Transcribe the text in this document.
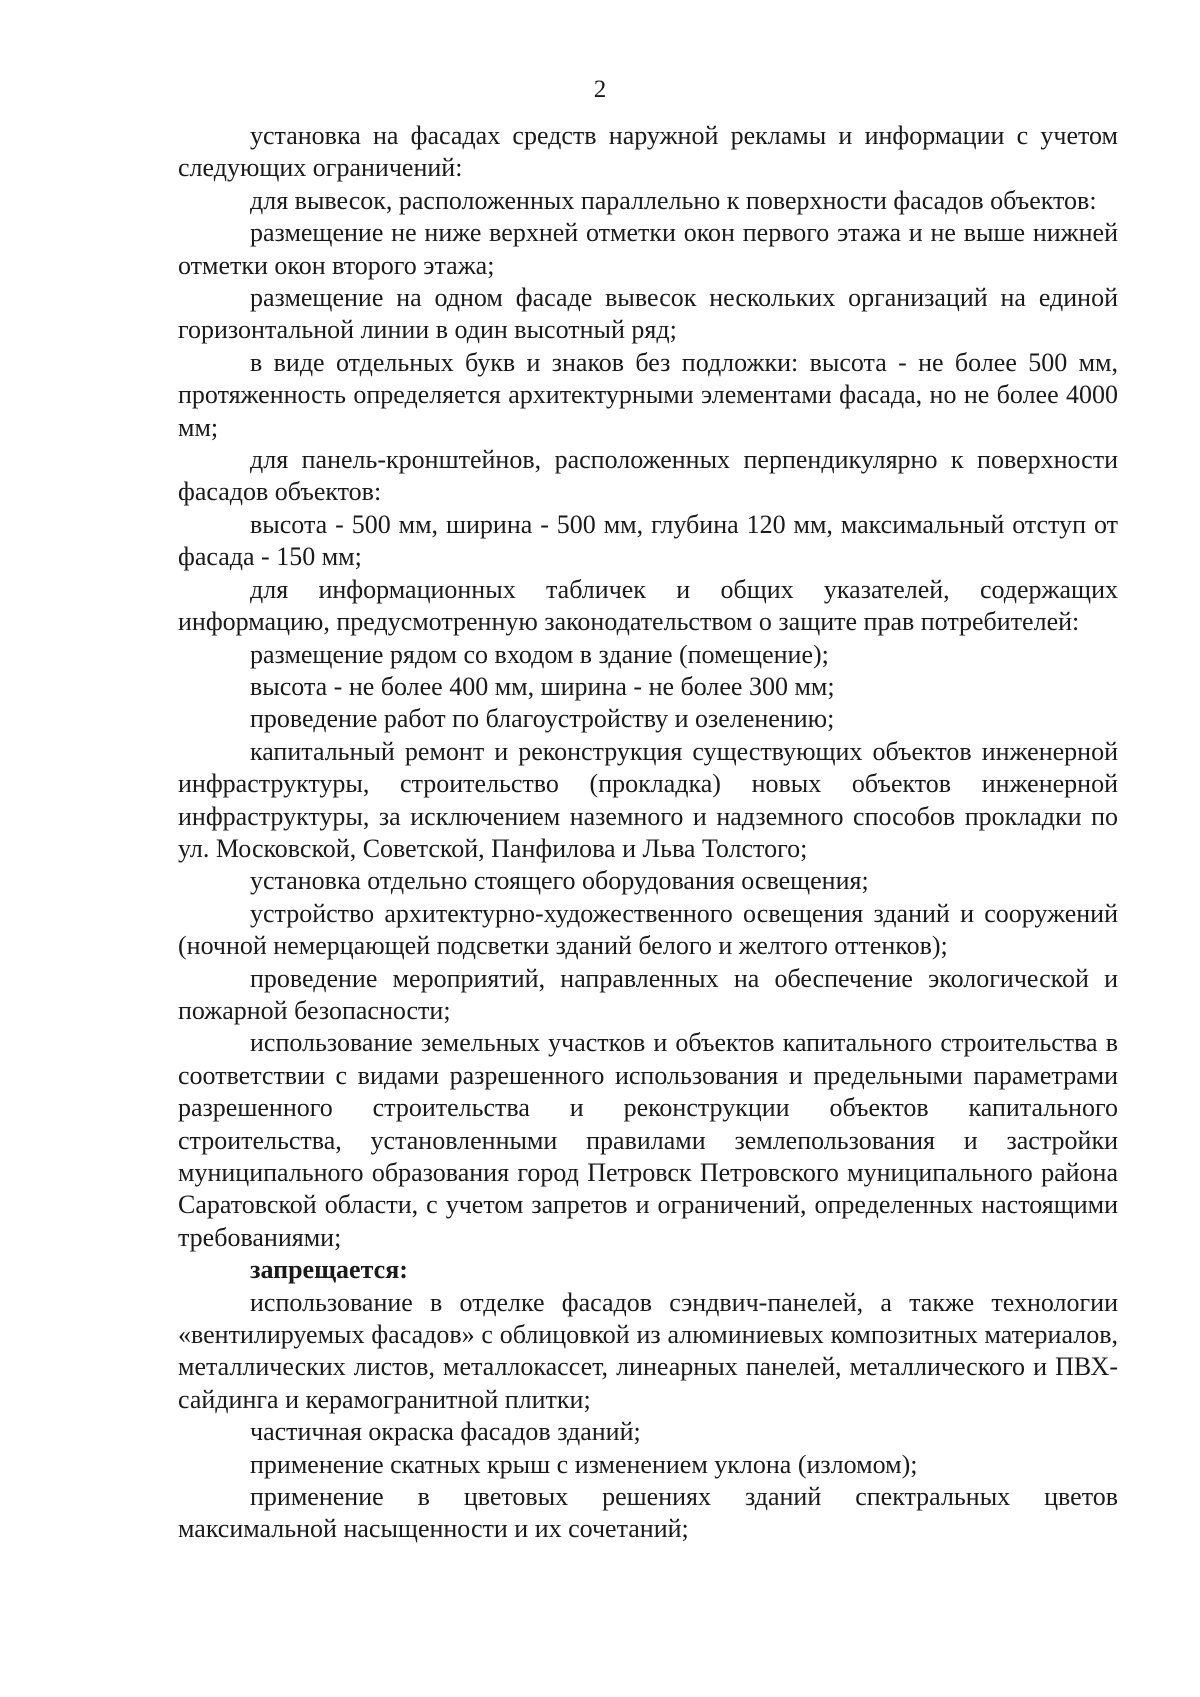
2

установка на фасадах средств наружной рекламы и информации с учетом следующих ограничений:

для вывесок, расположенных параллельно к поверхности фасадов объектов:

размещение не ниже верхней отметки окон первого этажа и не выше нижней отметки окон второго этажа;

размещение на одном фасаде вывесок нескольких организаций на единой горизонтальной линии в один высотный ряд;

в виде отдельных букв и знаков без подложки: высота - не более 500 мм, протяженность определяется архитектурными элементами фасада, но не более 4000 мм;

для панель-кронштейнов, расположенных перпендикулярно к поверхности фасадов объектов:

высота - 500 мм, ширина - 500 мм, глубина 120 мм, максимальный отступ от фасада - 150 мм;

для информационных табличек и общих указателей, содержащих информацию, предусмотренную законодательством о защите прав потребителей:

размещение рядом со входом в здание (помещение);

высота - не более 400 мм, ширина - не более 300 мм;

проведение работ по благоустройству и озеленению;

капитальный ремонт и реконструкция существующих объектов инженерной инфраструктуры, строительство (прокладка) новых объектов инженерной инфраструктуры, за исключением наземного и надземного способов прокладки по ул. Московской, Советской, Панфилова и Льва Толстого;

установка отдельно стоящего оборудования освещения;

устройство архитектурно-художественного освещения зданий и сооружений (ночной немерцающей подсветки зданий белого и желтого оттенков);

проведение мероприятий, направленных на обеспечение экологической и пожарной безопасности;

использование земельных участков и объектов капитального строительства в соответствии с видами разрешенного использования и предельными параметрами разрешенного строительства и реконструкции объектов капитального строительства, установленными правилами землепользования и застройки муниципального образования город Петровск Петровского муниципального района Саратовской области, с учетом запретов и ограничений, определенных настоящими требованиями;

запрещается:

использование в отделке фасадов сэндвич-панелей, а также технологии «вентилируемых фасадов» с облицовкой из алюминиевых композитных материалов, металлических листов, металлокассет, линеарных панелей, металлического и ПВХ-сайдинга и керамогранитной плитки;

частичная окраска фасадов зданий;

применение скатных крыш с изменением уклона (изломом);

применение в цветовых решениях зданий спектральных цветов максимальной насыщенности и их сочетаний;
